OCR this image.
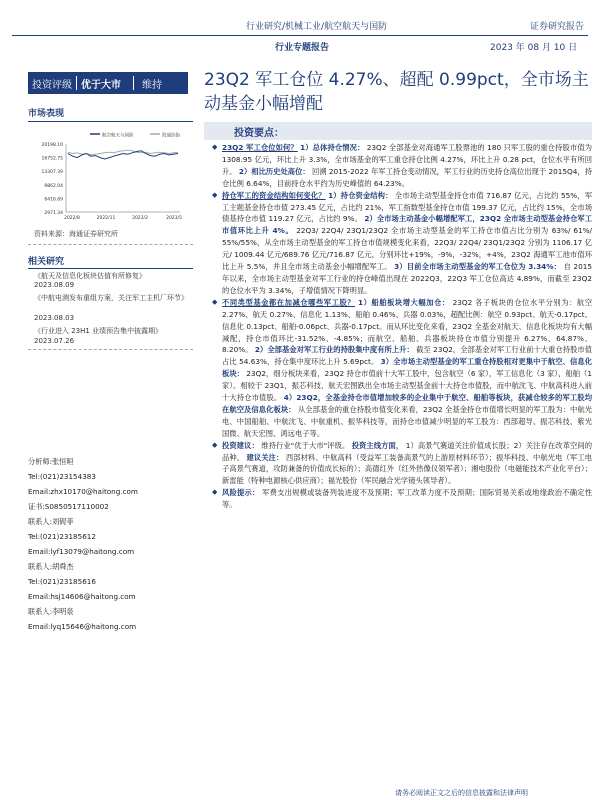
行业研究/机械工业/航空航天与国防	证券研究报告
行业专题报告	2023 年 08 月 10 日
投资评级 优于大市	维持
市场表现
航空航天与国防	海通综指
20198.10
16752.75
13307.39
9862.04
6416.69
2971.34
2022/8	2022/11	2023/2	2023/5
资料来源：海通证券研究所
相关研究
《航天及信息化板块估值有所修复》
2023.08.09
《中航电测发布重组方案，关注军工主机厂环节》
2023.08.03
《行业进入 23H1 业绩预告集中披露期》
2023.07.26
分析师:张恒晅
Tel:(021)23154383
Email:zhx10170@haitong.com
证书:S0850517110002
联系人:刘砚菲
Tel:(021)23185612
Email:lyf13079@haitong.com
联系人:胡舜杰
Tel:(021)23185616
Email:hsj14606@haitong.com
联系人:李明泉
Email:lyq15646@haitong.com
23Q2 军工仓位 4.27%、超配 0.99pct，全市场主动基金小幅增配
投资要点：
◆ 23Q2 军工仓位如何？ 1）总体持仓情况： 23Q2 全部基金对海通军工股票池的 180 只军工股的重仓持股市值为 1308.95 亿元，环比上升 3.3%，全市场基金的军工重仓持仓比例 4.27%，环比上升 0.28 pct，仓位水平有所回升。 2）相比历史处高位： 回溯 2015-2022 年军工持仓变动情况，军工行业的历史持仓高位出现于 2015Q4，持仓比例 6.64%，目前持仓水平约为历史峰值的 64.23%。
◆ 持仓军工的资金结构如何变化？ 1）持仓资金结构： 全市场主动型基金持仓市值 716.87 亿元，占比约 55%，军工主题基金持仓市值 273.45 亿元，占比约 21%，军工指数型基金持仓市值 199.37 亿元，占比约 15%，全市场债基持仓市值 119.27 亿元，占比约 9%。 2）全市场主动基金小幅增配军工，23Q2 全市场主动型基金持仓军工市值环比上升 4%。 22Q3/ 22Q4/ 23Q1/23Q2 全市场主动型基金的军工持仓市值占比分别为 63%/ 61%/ 55%/55%，从全市场主动型基金的军工持仓市值规模变化来看，22Q3/ 22Q4/ 23Q1/23Q2 分别为 1106.17 亿元/ 1009.44 亿元/689.76 亿元/716.87 亿元，分别环比+19%，-9%，-32%，+4%，23Q2 海通军工池市值环比上升 5.5%，并且全市场主动基金小幅增配军工。 3）目前全市场主动型基金的军工仓位为 3.34%： 自 2015 年以来，全市场主动型基金对军工行业的持仓峰值出现在 2022Q3，22Q3 军工仓位高达 4.89%，而截至 23Q2 的仓位水平为 3.34%，子增值情况下降明显。
◆ 不同类型基金都在加减仓哪些军工股？ 1）船舶板块增大幅加仓： 23Q2 各子板块的仓位水平分别为：航空 2.27%、航天 0.27%、信息化 1.13%、船舶 0.46%、兵器 0.03%，超配比例：航空 0.93pct、航天-0.17pct、信息化 0.13pct、船舶-0.06pct、兵器-0.17pct。而从环比变化来看，23Q2 全基金对航天、信息化板块均有大幅减配，持仓市值环比-31.52%、-4.85%；而航空、船舶、兵器板块持仓市值分别提升 6.27%、64.87%、8.20%。 2）全部基金对军工行业的持股集中度有所上升： 截至 23Q2，全部基金对军工行业前十大重仓持股市值占比 54.63%，持仓集中度环比上升 5.69pct。 3）全市场主动型基金的军工重仓持股相对更集中于航空、信息化板块： 23Q2，细分板块来看，23Q2 持仓市值前十大军工股中，包含航空（6 家），军工信息化（3 家），船舶（1 家）。相较于 23Q1，振芯科技、航天宏图跌出全市场主动型基金前十大持仓市值股，而中航沈飞、中航高科进入前十大持仓市值股。 4）23Q2，全基金持仓市值增加较多的企业集中于航空、船舶等板块，获减仓较多的军工股均在航空及信息化板块： 从全部基金的重仓持股市值变化来看，23Q2 全基金持仓市值增长明显的军工股为：中航光电、中国船舶、中航沈飞、中航重机、振华科技等，而持仓市值减少明显的军工股为：西部超导、振芯科技、紫光国微、航天宏图、鸿远电子等。
◆ 投资建议： 维持行业"优于大市"评级。 投资主线方面， 1）高景气赛道关注价值成长股；2）关注存在改革空间的品种。 建议关注： 西部材料、中航高科（受益军工装备高景气的上游原材料环节）；振华科技、中航光电（军工电子高景气赛道，攻防兼备的价值成长标的）；高德红外（红外热像仪领军者）；湘电股份（电磁能技术产业化平台）；新雷能（特种电源核心供应商）；福光股份（军民融合光学镜头领导者）。
◆ 风险提示： 军费支出规模或装备列装进度不及预期；军工改革力度不及预期；国际贸易关系或地缘政治不确定性等。
请务必阅读正文之后的信息披露和法律声明
